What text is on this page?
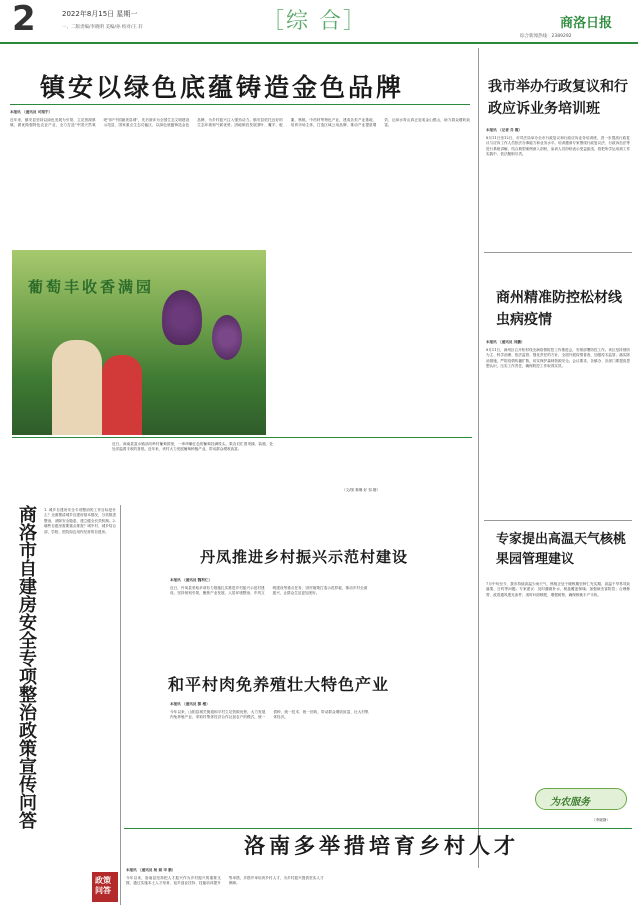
2	2022年8月15日 星期一
一、二版责编/李晓明 美编/孙 校对/王 轩	［综 合］	商洛日报
综合新闻热线：2389292
镇安以绿色底蕴铸造金色品牌
本报讯 （通讯员 司翔宇）
近年来，镇安县坚持以绿色发展为引领，立足资源禀赋，做优做强特色农业产业，全力打造"中国天然氧吧"和"中国最美县城"，先后被评为全国生态文明建设示范县、国家重点生态功能区，以绿色底蕴铸造金色品牌，为乡村振兴注入强劲动力。镇安县依托良好的生态环境和气候优势，因地制宜发展茶叶、魔芋、板栗、核桃、中药材等特色产业，建成各类产业基地，培育市场主体，打造区域公用品牌，推动产业提质增效，让绿水青山真正变成金山银山，助力群众增收致富。
我市举办行政复议和行政应诉业务培训班
本报讯 （记者 肖 霞）
8月11日至12日，市司法局举办全市行政复议和行政应诉业务培训班，进一步提高行政复议与应诉工作人员依法办事能力和业务水平。培训邀请专家围绕行政复议法、行政诉讼法等进行系统讲解，结合典型案例深入剖析，参训人员纷纷表示受益匪浅，将把所学运用到工作实践中，依法履职尽责。
葡萄丰收香满园
近日，商南县富水镇油坊岭村葡萄园里，一串串紫红色的葡萄挂满枝头，果农们忙着采摘、装箱，处处洋溢着丰收的喜悦。近年来，该村大力发展葡萄种植产业，带动群众增收致富。
（文/图 秦琳 好 邹 楷）
商州精准防控松材线虫病疫情
本报讯 （通讯员 刘鹏）
8月11日，商州区召开松材线虫病疫情防控工作推进会，安排部署防控工作。该区坚持预防为主、科学治理、依法监管、强化责任的方针，全面开展疫情普查，加强疫木监管，落实除治措施，严防疫情传播扩散，切实保护森林资源安全。会议要求，各镇办、各部门要提高思想认识，压实工作责任，确保防控工作取得实效。
丹凤推进乡村振兴示范村建设
本报讯 （通讯员 魏利仁）
近日，丹凤县采取多项有力措施扎实推进乡村振兴示范村建设，坚持规划引领，聚焦产业发展、人居环境整治、乡风文明建设等重点任务，因村施策打造示范样板，推动乡村全面振兴，让群众生活更加美好。
专家提出高温天气核桃果园管理建议
7月中旬至今，我市持续高温少雨天气，核桃正处于硬核期至种仁充实期，高温干旱易导致落果、日灼等问题。专家建议：及时灌溉补水，树盘覆盖保墒；加强病虫害防控；合理修剪，改善通风透光条件；适时叶面喷肥，增强树势，确保核桃丰产丰收。
为农服务
（李晓静）
商洛市自建房安全专项整治政策宣传问答 1. 城乡自建房安全专项整治的工作目标是什么？全面摸清城乡自建房基本情况，分类推进整治，消除安全隐患，建立健全长效机制。2. 哪些自建房需要重点排查？城中村、城乡结合部、学校、医院周边用作经营的自建房。
政策问答
和平村肉免养殖壮大特色产业
本报讯 （通讯员 黎 楷）
今年以来，山阳县城关街道和平村立足资源优势，大力发展肉兔养殖产业，采取村集体经济合作社加农户的模式，统一供种、统一技术、统一回收，带动群众增收致富，壮大村集体经济。
洛南多举措培育乡村人才
本报讯 （通讯员 杨 斌 申 勤）
今年以来，洛南县坚持把人才振兴作为乡村振兴的重要支撑，通过实施本土人才培育、返乡创业扶持、技能培训提升等举措，多措并举培育乡村人才，为乡村振兴提供坚实人才保障。
